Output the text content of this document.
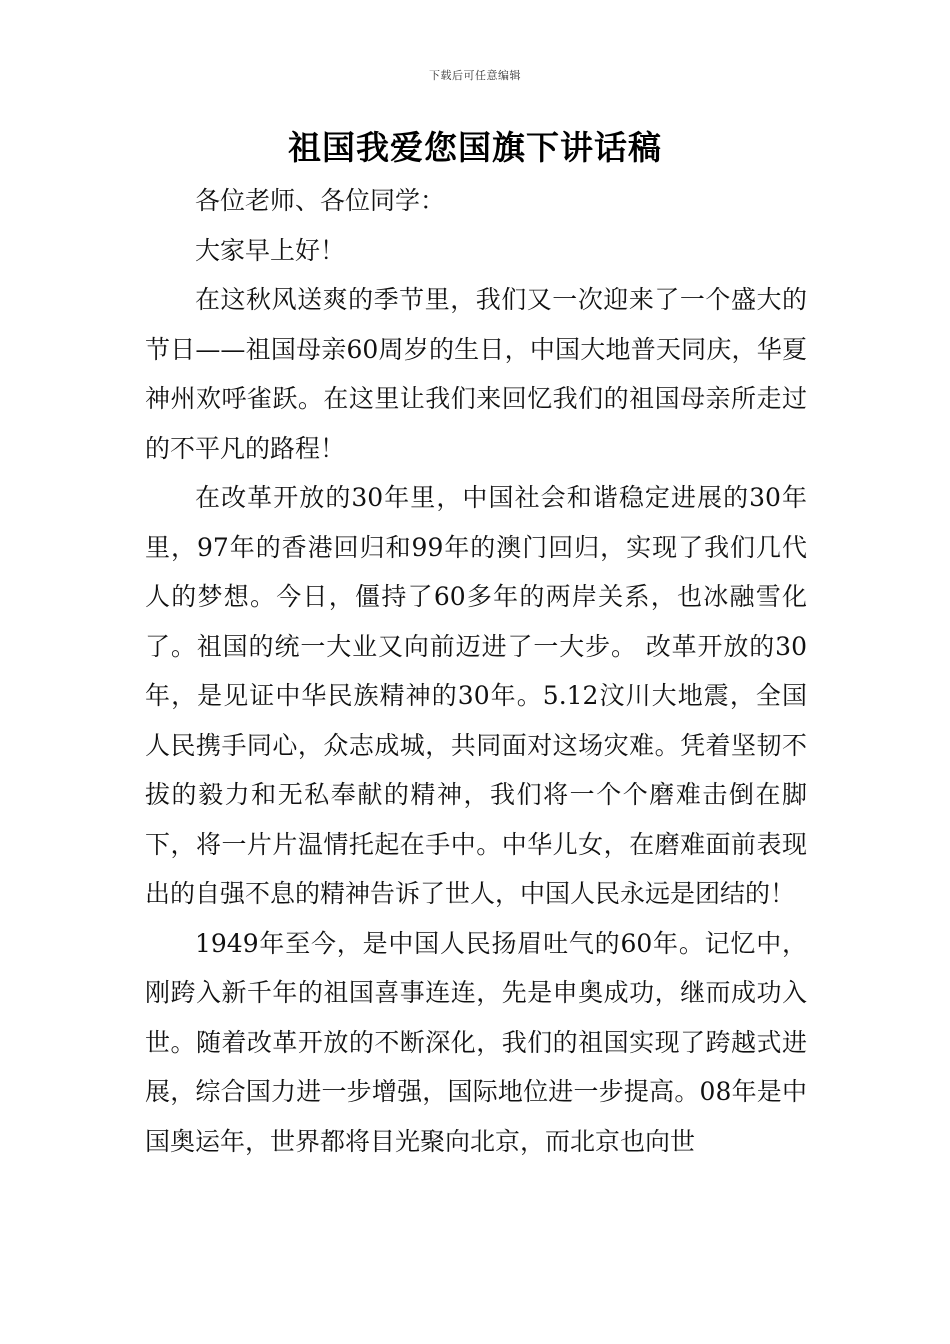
下载后可任意编辑
祖国我爱您国旗下讲话稿

各位老师、各位同学：

大家早上好！

在这秋风送爽的季节里，我们又一次迎来了一个盛大的节日——祖国母亲60周岁的生日，中国大地普天同庆，华夏神州欢呼雀跃。在这里让我们来回忆我们的祖国母亲所走过的不平凡的路程！

在改革开放的30年里，中国社会和谐稳定进展的30年里，97年的香港回归和99年的澳门回归，实现了我们几代人的梦想。今日，僵持了60多年的两岸关系，也冰融雪化了。祖国的统一大业又向前迈进了一大步。 改革开放的30年，是见证中华民族精神的30年。5.12汶川大地震，全国人民携手同心，众志成城，共同面对这场灾难。凭着坚韧不拔的毅力和无私奉献的精神，我们将一个个磨难击倒在脚下，将一片片温情托起在手中。中华儿女，在磨难面前表现出的自强不息的精神告诉了世人，中国人民永远是团结的！

1949年至今，是中国人民扬眉吐气的60年。记忆中，刚跨入新千年的祖国喜事连连，先是申奥成功，继而成功入世。随着改革开放的不断深化，我们的祖国实现了跨越式进展，综合国力进一步增强，国际地位进一步提高。08年是中国奥运年，世界都将目光聚向北京，而北京也向世
